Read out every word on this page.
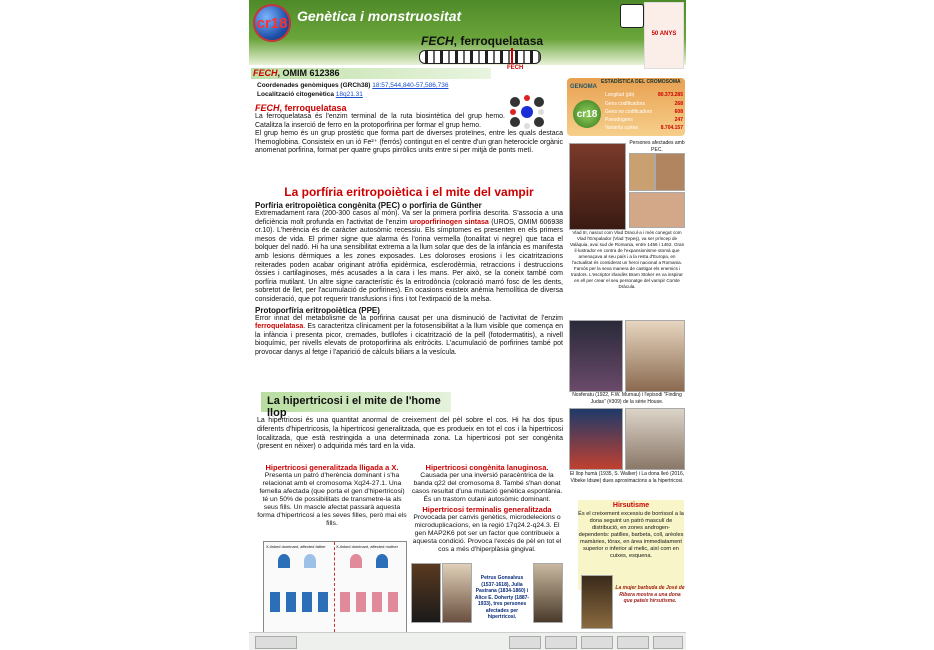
cr18 Genètica i monstruositat
FECH, ferroquelatasa
FECH
50 ANYS
FECH, OMIM 612386
Coordenades genòmiques (GRCh38) 18:57,544,840-57,586,736
Localització citogenètica 18q21.31
FECH, ferroquelatasa
La ferroquelatasa és l'enzim terminal de la ruta biosintètica del grup hemo. Catalitza la inserció de ferro en la protoporfirina per formar el grup hemo.
El grup hemo és un grup prostètic que forma part de diverses proteïnes, entre les quals destaca l'hemoglobina. Consisteix en un ió Fe²⁺ (ferrós) contingut en el centre d'un gran heterocicle orgànic anomenat porfirina, format per quatre grups pirròlics units entre si per mitjà de ponts metí.
La porfíria eritropoiètica i el mite del vampir
Porfíria eritropoiètica congènita (PEC) o porfíria de Günther
Extremadament rara (200-300 casos al món). Va ser la primera porfíria descrita. S'associa a una deficiència molt profunda en l'activitat de l'enzim uroporfirinogen sintasa (UROS, OMIM 606938 cr.10). L'herència és de caràcter autosòmic recessiu. Els símptomes es presenten en els primers mesos de vida. El primer signe que alarma és l'orina vermella (tonalitat vi negre) que taca el bolquer del nadó. Hi ha una sensibilitat extrema a la llum solar que des de la infància es manifesta amb lesions dèrmiques a les zones exposades. Les doloroses erosions i les cicatritzacions reiterades poden acabar originant atròfia epidèrmica, esclerodèrmia, retraccions i destruccions òssies i cartilaginoses, més acusades a la cara i les mans. Per això, se la coneix també com porfíria mutilant. Un altre signe característic és la eritrodòncia (coloració marró fosc de les dents, sobretot de llet, per l'acumulació de porfirines). En ocasions existeix anèmia hemolítica de diversa consideració, que pot requerir transfusions i fins i tot l'extirpació de la melsa.
Protoporfíria eritropoiètica (PPE)
Error innat del metabolisme de la porfirina causat per una disminució de l'activitat de l'enzim ferroquelatasa. Es caracteritza clínicament per la fotosensibilitat a la llum visible que comença en la infància i presenta picor, cremades, butllofes i cicatrització de la pell (fotodermatitis), a nivell bioquímic, per nivells elevats de protoporfirina als eritròcits. L'acumulació de porfirines també pot provocar danys al fetge i l'aparició de càlculs biliars a la vesícula.
ESTADÍSTICA DEL CROMOSOMA
GENOMA
cr18
Longitud (pb)	80.373.285
Gens codificadors	268
Gens no codificadors	608
Pseudogens	247
Variants curtes	8.704.157
Persones afectades amb PEC.
Vlad III, nascut com Vlad Dracul·a i més conegut com Vlad l'Empalador (Vlad Ţepeş), va ser príncep de Valàquia, avui sud de Romania, entre 1456 i 1462. Gran il·lustrador en contra de l'expansionisme otomà que amenaçava al seu país i a la resta d'Europa, en l'actualitat és considerat un heroi nacional a Romania. Famós per la seva manera de castigar els enemics i traïdors. L'escriptor irlandès Bram Stoker es va inspirar en ell per crear el seu personatge del vampir Comte Dràcula.
Nosferatu (1922, F.W. Murnau) i l'episodi “Finding Judas” (#309) de la sèrie House.
El llop humà (1935, S. Walker) i La dona lleó (2016, Vibeke Idsøe) dues aproximacions a la hipertricosi.
Hirsutisme
És el creixement excessiu de borrissol a la dona seguint un patró masculí de distribució, en zones androgen-dependents: patilles, barbeta, coll, arèoles mamàries, tòrax, en àrea immediatament superior o inferior al melic, així com en cuixes, esquena.
La mujer barbuda de José de Ribera mostra a una dona que pateix hirsutisme.
La hipertricosi i el mite de l'home llop
La hipertricosi és una quantitat anormal de creixement del pèl sobre el cos. Hi ha dos tipus diferents d'hipertricosis, la hipertricosi generalitzada, que es produeix en tot el cos i la hipertricosi localitzada, que està restringida a una determinada zona. La hipertricosi pot ser congènita (present en néixer) o adquirida més tard en la vida.
Hipertricosi generalitzada lligada a X.
Presenta un patró d'herència dominant i s'ha relacionat amb el cromosoma Xq24-27.1. Una femella afectada (que porta el gen d'hipertricosi) té un 50% de possibilitats de transmetre-la als seus fills. Un mascle afectat passarà aquesta forma d'hipertricosi a les seves filles, però mai els fills.
Hipertricosi congènita lanuginosa.
Causada per una inversió paracèntrica de la banda q22 del cromosoma 8. També s'han donat casos resultat d'una mutació genètica espontània. És un trastorn cutani autosòmic dominant.
Hipertricosi terminalis generalitzada
Provocada per canvis genètics, microdelecions o microduplicacions, en la regió 17q24.2-q24.3. El gen MAP2K6 pot ser un factor que contribueix a aquesta condició. Provoca l'excés de pèl en tot el cos a més d'hiperplàsia gingival.
X-linked dominant, affected father	X-linked dominant, affected mother
Petrus Gonsalvus (1537-1618), Julia Pastrana (1834-1860) i Alice E. Doherty (1887-1933), tres persones afectades per hipertricosi.
